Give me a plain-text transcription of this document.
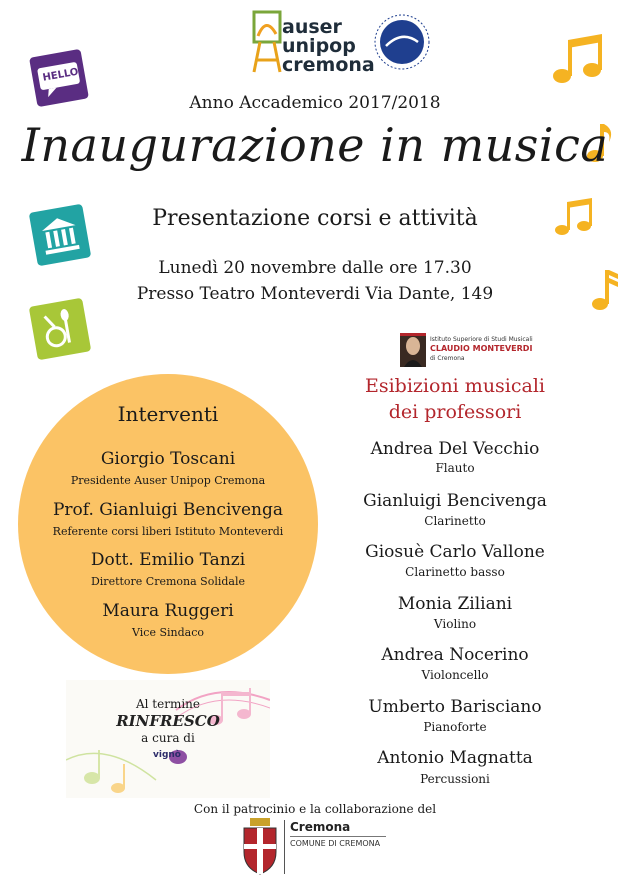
auser
unipop
cremona
HELLO!
Anno Accademico 2017/2018
Inaugurazione in musica
Presentazione corsi e attività
Lunedì 20 novembre dalle ore 17.30
Presso Teatro Monteverdi Via Dante, 149
Interventi
Giorgio Toscani
Presidente Auser Unipop Cremona
Prof. Gianluigi Bencivenga
Referente corsi liberi Istituto Monteverdi
Dott. Emilio Tanzi
Direttore Cremona Solidale
Maura Ruggeri
Vice Sindaco
Istituto Superiore di Studi Musicali
CLAUDIO MONTEVERDI
di Cremona
Esibizioni musicali
dei professori
Andrea Del Vecchio
Flauto
Gianluigi Bencivenga
Clarinetto
Giosuè Carlo Vallone
Clarinetto basso
Monia Ziliani
Violino
Andrea Nocerino
Violoncello
Umberto Barisciano
Pianoforte
Antonio Magnatta
Percussioni
Al termine
RINFRESCO
a cura di
vignò
Con il patrocinio e la collaborazione del
Cremona
COMUNE DI CREMONA
